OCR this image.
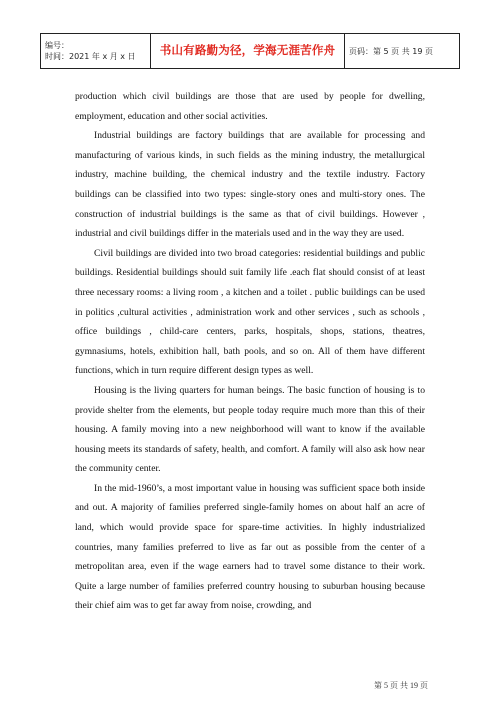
编号：
时间：2021 年 x 月 x 日	书山有路勤为径，学海无涯苦作舟	页码：第 5 页 共 19 页

production which civil buildings are those that are used by people for dwelling, employment, education and other social activities.

Industrial buildings are factory buildings that are available for processing and manufacturing of various kinds, in such fields as the mining industry, the metallurgical industry, machine building, the chemical industry and the textile industry. Factory buildings can be classified into two types: single-story ones and multi-story ones. The construction of industrial buildings is the same as that of civil buildings. However , industrial and civil buildings differ in the materials used and in the way they are used.

Civil buildings are divided into two broad categories: residential buildings and public buildings. Residential buildings should suit family life .each flat should consist of at least three necessary rooms: a living room , a kitchen and a toilet . public buildings can be used in politics ,cultural activities , administration work and other services , such as schools , office buildings , child-care centers, parks, hospitals, shops, stations, theatres, gymnasiums, hotels, exhibition hall, bath pools, and so on. All of them have different functions, which in turn require different design types as well.

Housing is the living quarters for human beings. The basic function of housing is to provide shelter from the elements, but people today require much more than this of their housing. A family moving into a new neighborhood will want to know if the available housing meets its standards of safety, health, and comfort. A family will also ask how near the community center.

In the mid-1960’s, a most important value in housing was sufficient space both inside and out. A majority of families preferred single-family homes on about half an acre of land, which would provide space for spare-time activities. In highly industrialized countries, many families preferred to live as far out as possible from the center of a metropolitan area, even if the wage earners had to travel some distance to their work. Quite a large number of families preferred country housing to suburban housing because their chief aim was to get far away from noise, crowding, and

第 5 页 共 19 页
